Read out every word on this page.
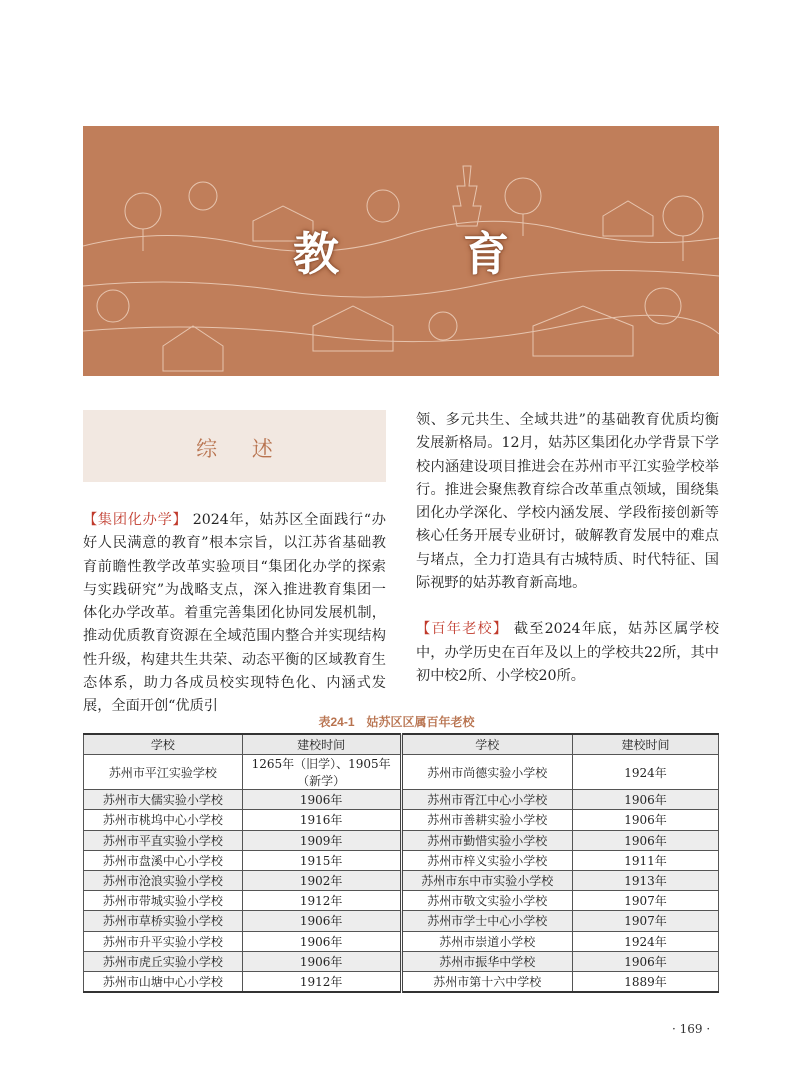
教 育
综 述

【集团化办学】 2024年，姑苏区全面践行“办好人民满意的教育”根本宗旨，以江苏省基础教育前瞻性教学改革实验项目“集团化办学的探索与实践研究”为战略支点，深入推进教育集团一体化办学改革。着重完善集团化协同发展机制，推动优质教育资源在全域范围内整合并实现结构性升级，构建共生共荣、动态平衡的区域教育生态体系，助力各成员校实现特色化、内涵式发展，全面开创“优质引

领、多元共生、全域共进”的基础教育优质均衡发展新格局。12月，姑苏区集团化办学背景下学校内涵建设项目推进会在苏州市平江实验学校举行。推进会聚焦教育综合改革重点领域，围绕集团化办学深化、学校内涵发展、学段衔接创新等核心任务开展专业研讨，破解教育发展中的难点与堵点，全力打造具有古城特质、时代特征、国际视野的姑苏教育新高地。

【百年老校】 截至2024年底，姑苏区属学校中，办学历史在百年及以上的学校共22所，其中初中校2所、小学校20所。

表24-1　姑苏区区属百年老校
学校	建校时间	学校	建校时间
苏州市平江实验学校	1265年（旧学）、1905年（新学）	苏州市尚德实验小学校	1924年
苏州市大儒实验小学校	1906年	苏州市胥江中心小学校	1906年
苏州市桃坞中心小学校	1916年	苏州市善耕实验小学校	1906年
苏州市平直实验小学校	1909年	苏州市勤惜实验小学校	1906年
苏州市盘溪中心小学校	1915年	苏州市梓义实验小学校	1911年
苏州市沧浪实验小学校	1902年	苏州市东中市实验小学校	1913年
苏州市带城实验小学校	1912年	苏州市敬文实验小学校	1907年
苏州市草桥实验小学校	1906年	苏州市学士中心小学校	1907年
苏州市升平实验小学校	1906年	苏州市崇道小学校	1924年
苏州市虎丘实验小学校	1906年	苏州市振华中学校	1906年
苏州市山塘中心小学校	1912年	苏州市第十六中学校	1889年
· 169 ·
